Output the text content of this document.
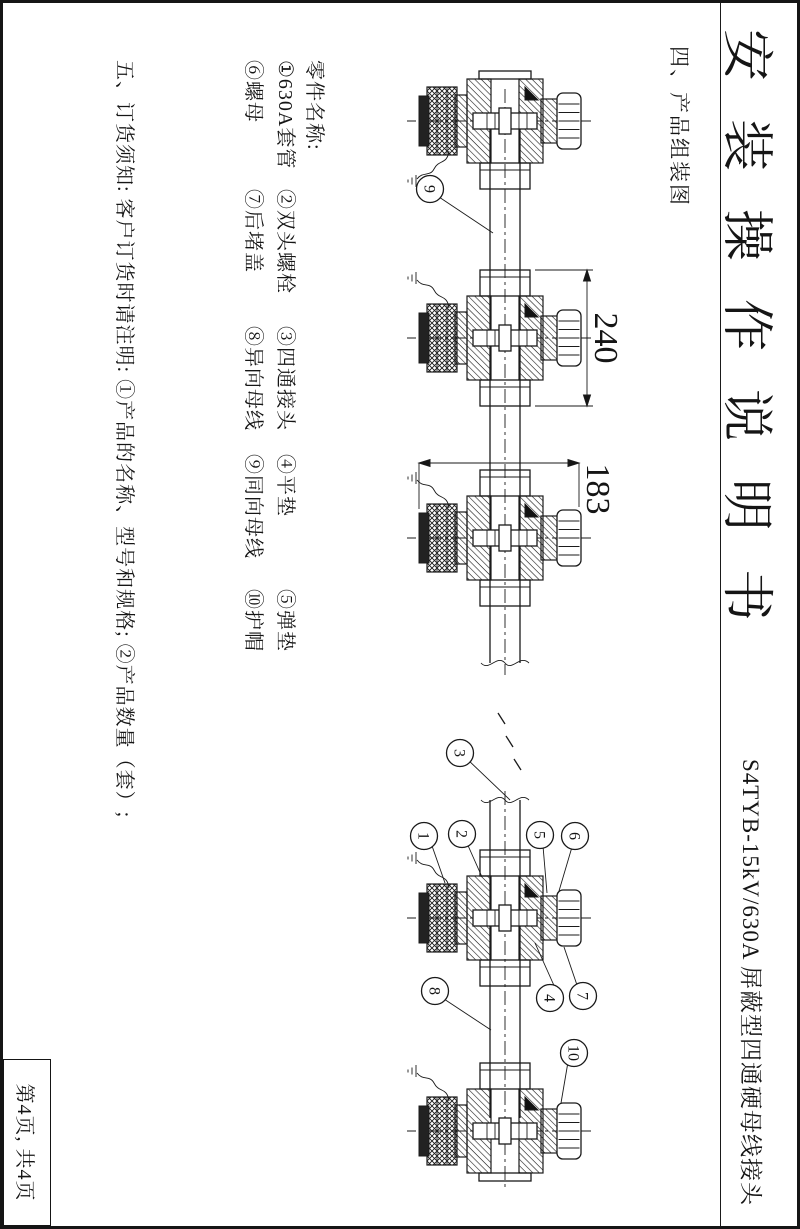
安装操作说明书
S4TYB-15kV/630A 屏蔽型四通硬母线接头
四、产品组装图
240
183
9
3
1 2	5 6
4 7
8
10
零件名称:
①630A套管
②双头螺栓
③四通接头
④平垫
⑤弹垫
⑥螺母
⑦后堵盖
⑧异向母线
⑨同向母线
⑩护帽
五、订货须知: 客户订货时请注明: ①产品的名称、型号和规格; ②产品数量（套）;
第4页, 共4页
